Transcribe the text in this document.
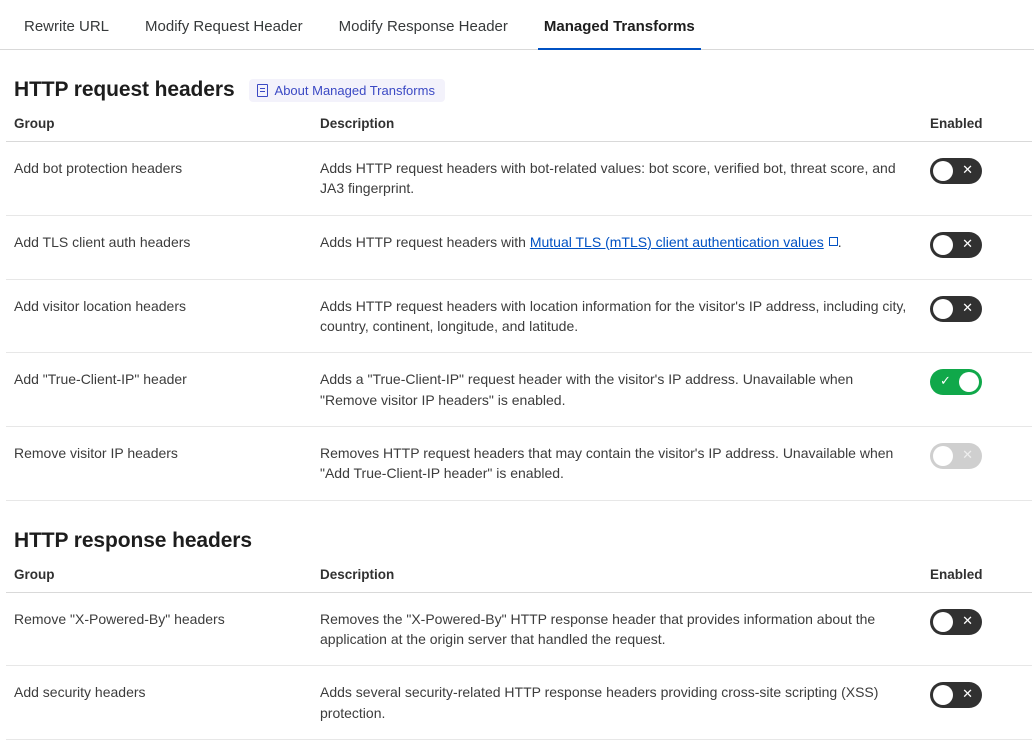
Rewrite URL	Modify Request Header	Modify Response Header	Managed Transforms
HTTP request headers	About Managed Transforms
Group	Description	Enabled
Add bot protection headers	Adds HTTP request headers with bot-related values: bot score, verified bot, threat score, and JA3 fingerprint.	✕

Add TLS client auth headers	Adds HTTP request headers with Mutual TLS (mTLS) client authentication values .	✕

Add visitor location headers	Adds HTTP request headers with location information for the visitor's IP address, including city, country, continent, longitude, and latitude.	✕

Add "True-Client-IP" header	Adds a "True-Client-IP" request header with the visitor's IP address. Unavailable when "Remove visitor IP headers" is enabled.	✓

Remove visitor IP headers	Removes HTTP request headers that may contain the visitor's IP address. Unavailable when "Add True-Client-IP header" is enabled.	✕
HTTP response headers
Group	Description	Enabled
Remove "X-Powered-By" headers	Removes the "X-Powered-By" HTTP response header that provides information about the application at the origin server that handled the request.	✕

Add security headers	Adds several security-related HTTP response headers providing cross-site scripting (XSS) protection.	✕
